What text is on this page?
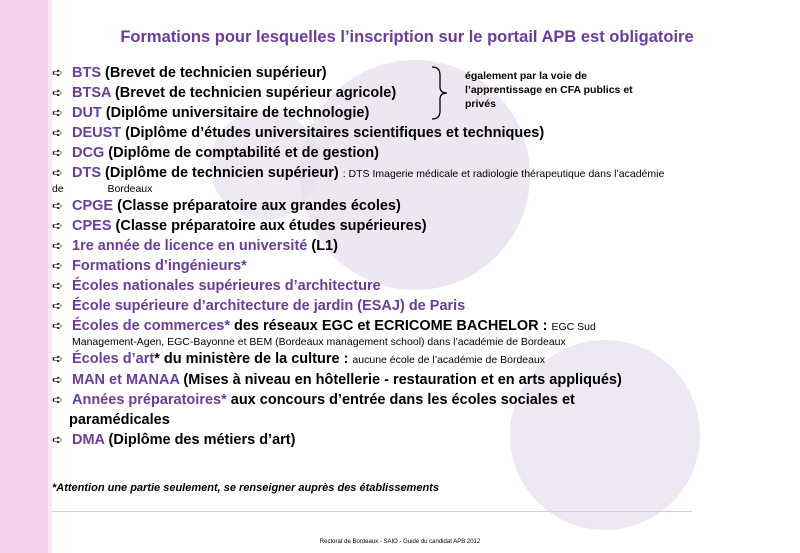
Formations pour lesquelles l’inscription sur le portail APB est obligatoire
➪ BTS (Brevet de technicien supérieur)
➪ BTSA (Brevet de technicien supérieur agricole)
➪ DUT (Diplôme universitaire de technologie)
➪ DEUST (Diplôme d’études universitaires scientifiques et techniques)
➪ DCG (Diplôme de comptabilité et de gestion)
➪ DTS (Diplôme de technicien supérieur) : DTS Imagerie médicale et radiologie thérapeutique dans l’académie
de               Bordeaux
➪ CPGE (Classe préparatoire aux grandes écoles)
➪ CPES (Classe préparatoire aux études supérieures)
➪ 1re année de licence en université (L1)
➪ Formations d’ingénieurs*
➪ Écoles nationales supérieures d’architecture
➪ École supérieure d’architecture de jardin (ESAJ) de Paris
➪ Écoles de commerces* des réseaux EGC et ECRICOME BACHELOR : EGC Sud
Management-Agen, EGC-Bayonne et BEM (Bordeaux management school) dans l’académie de Bordeaux
➪ Écoles d’art* du ministère de la culture : aucune école de l’académie de Bordeaux
➪ MAN et MANAA (Mises à niveau en hôtellerie - restauration et en arts appliqués)
➪ Années préparatoires* aux concours d’entrée dans les écoles sociales et
paramédicales
➪ DMA (Diplôme des métiers d’art)
également par la voie de l’apprentissage en CFA publics et privés
*Attention une partie seulement, se renseigner auprès des établissements
Rectorat de Bordeaux - SAIO - Guide du candidat APB 2012
